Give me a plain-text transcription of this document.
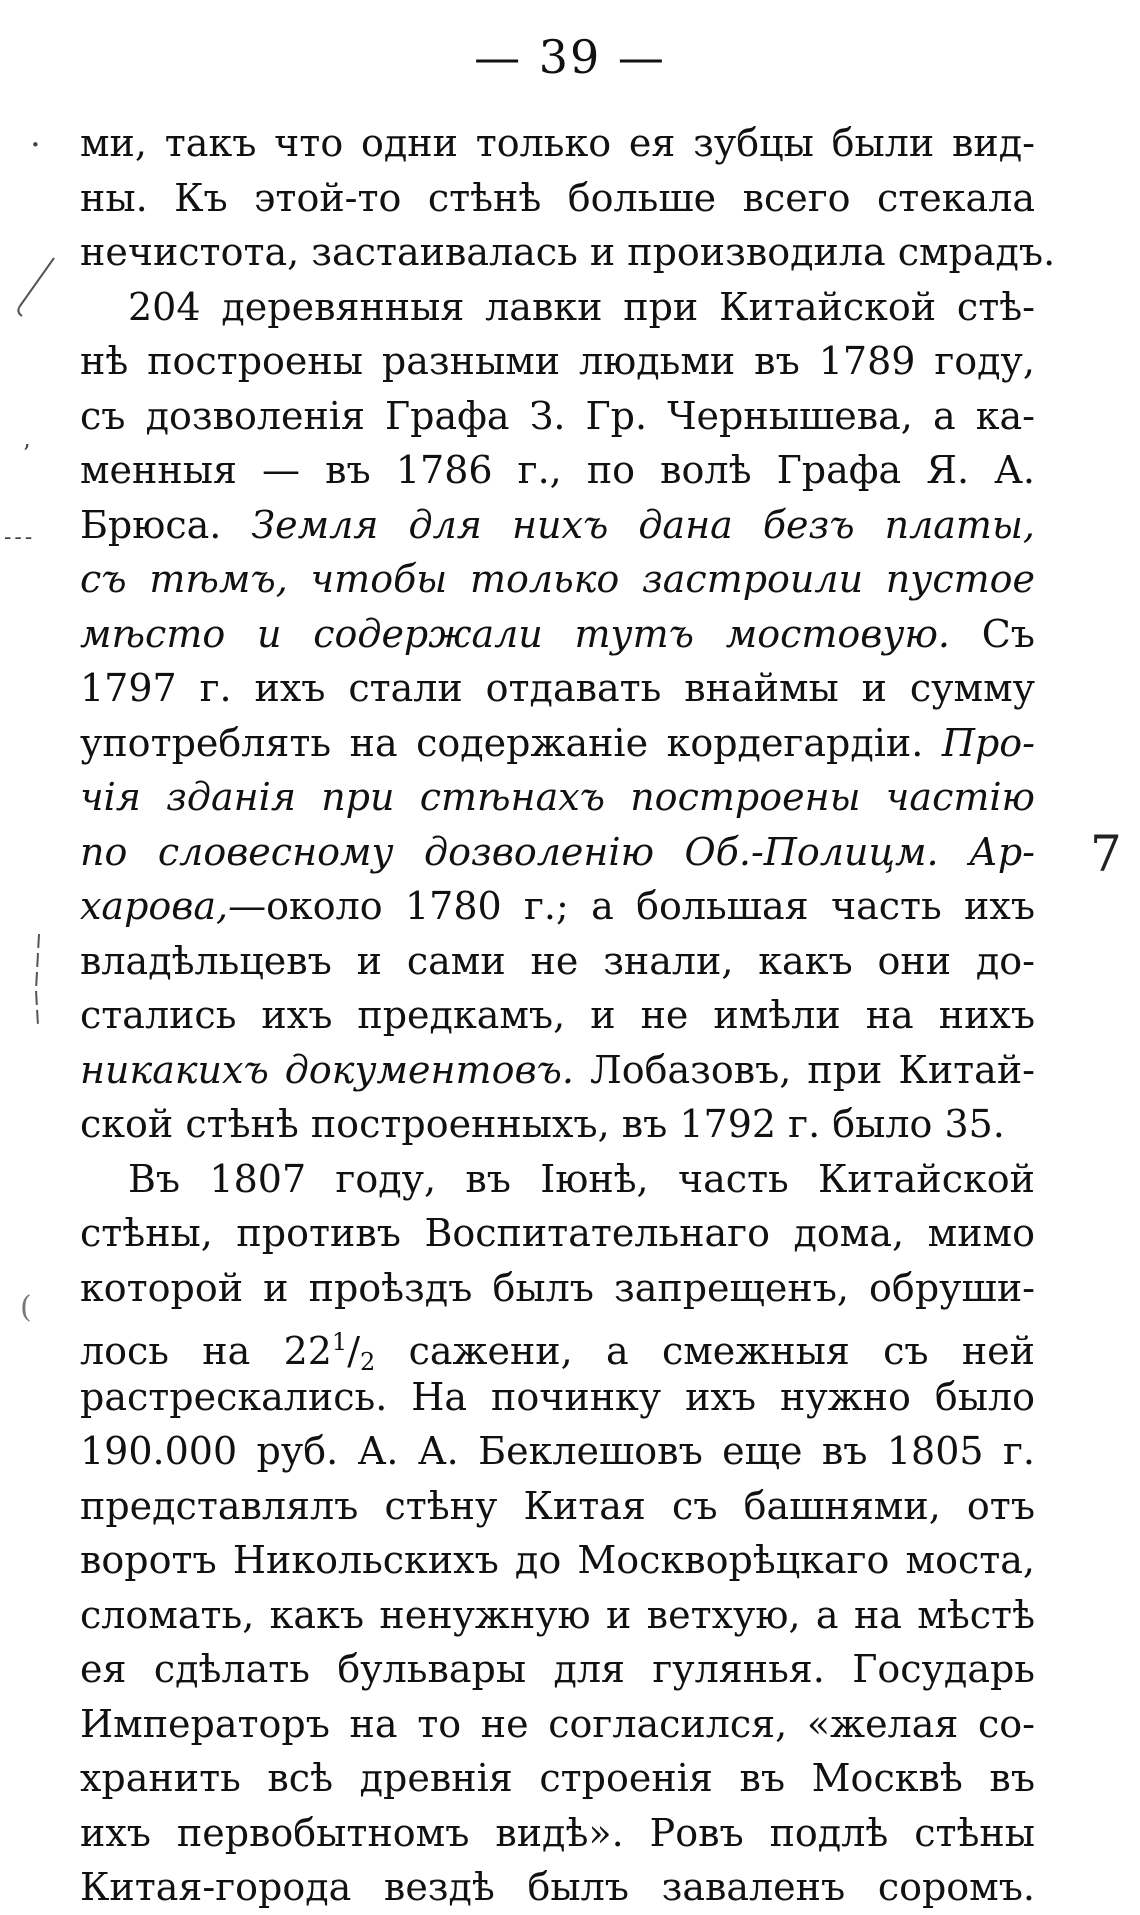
— 39 —
ми, такъ что одни только ея зубцы были вид-
ны. Къ этой-то стѣнѣ больше всего стекала
нечистота, застаивалась и производила смрадъ.
204 деревянныя лавки при Китайской стѣ-
нѣ построены разными людьми въ 1789 году,
съ дозволенія Графа З. Гр. Чернышева, а ка-
менныя — въ 1786 г., по волѣ Графа Я. А.
Брюса. Земля для нихъ дана безъ платы,
съ тѣмъ, чтобы только застроили пустое
мѣсто и содержали тутъ мостовую. Съ
1797 г. ихъ стали отдавать внаймы и сумму
употреблять на содержаніе кордегардіи. Про-
чія зданія при стѣнахъ построены частію
по словесному дозволенію Об.-Полицм. Ар-
харова,—около 1780 г.; а большая часть ихъ
владѣльцевъ и сами не знали, какъ они до-
стались ихъ предкамъ, и не имѣли на нихъ
никакихъ документовъ. Лобазовъ, при Китай-
ской стѣнѣ построенныхъ, въ 1792 г. было 35.
Въ 1807 году, въ Іюнѣ, часть Китайской
стѣны, противъ Воспитательнаго дома, мимо
которой и проѣздъ былъ запрещенъ, обруши-
лось на $22^1/_2$ сажени, а смежныя съ ней
растрескались. На починку ихъ нужно было
190.000 руб. А. А. Беклешовъ еще въ 1805 г.
представлялъ стѣну Китая съ башнями, отъ
воротъ Никольскихъ до Москворѣцкаго моста,
сломать, какъ ненужную и ветхую, а на мѣстѣ
ея сдѣлать бульвары для гулянья. Государь
Императоръ на то не согласился, «желая со-
хранить всѣ древнія строенія въ Москвѣ въ
ихъ первобытномъ видѣ». Ровъ подлѣ стѣны
Китая-города вездѣ былъ заваленъ соромъ.
·
ʼ
- - -
7
(
